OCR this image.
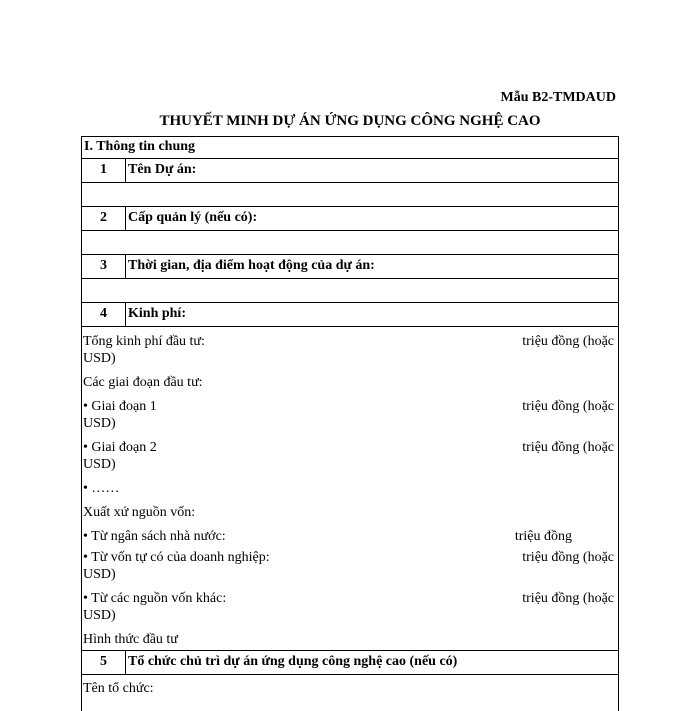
Mẫu B2-TMDAUD
THUYẾT MINH DỰ ÁN ỨNG DỤNG CÔNG NGHỆ CAO
I. Thông tin chung
1	Tên Dự án:
2	Cấp quản lý (nếu có):
3	Thời gian, địa điểm hoạt động của dự án:
4	Kinh phí:
Tổng kinh phí đầu tư:	triệu đồng (hoặc
USD)
Các giai đoạn đầu tư:
• Giai đoạn 1	triệu đồng (hoặc
USD)
• Giai đoạn 2	triệu đồng (hoặc
USD)
• ……
Xuất xứ nguồn vốn:
• Từ ngân sách nhà nước:	triệu đồng
• Từ vốn tự có của doanh nghiệp:	triệu đồng (hoặc
USD)
• Từ các nguồn vốn khác:	triệu đồng (hoặc
USD)
Hình thức đầu tư
5	Tổ chức chủ trì dự án ứng dụng công nghệ cao (nếu có)
Tên tổ chức:
